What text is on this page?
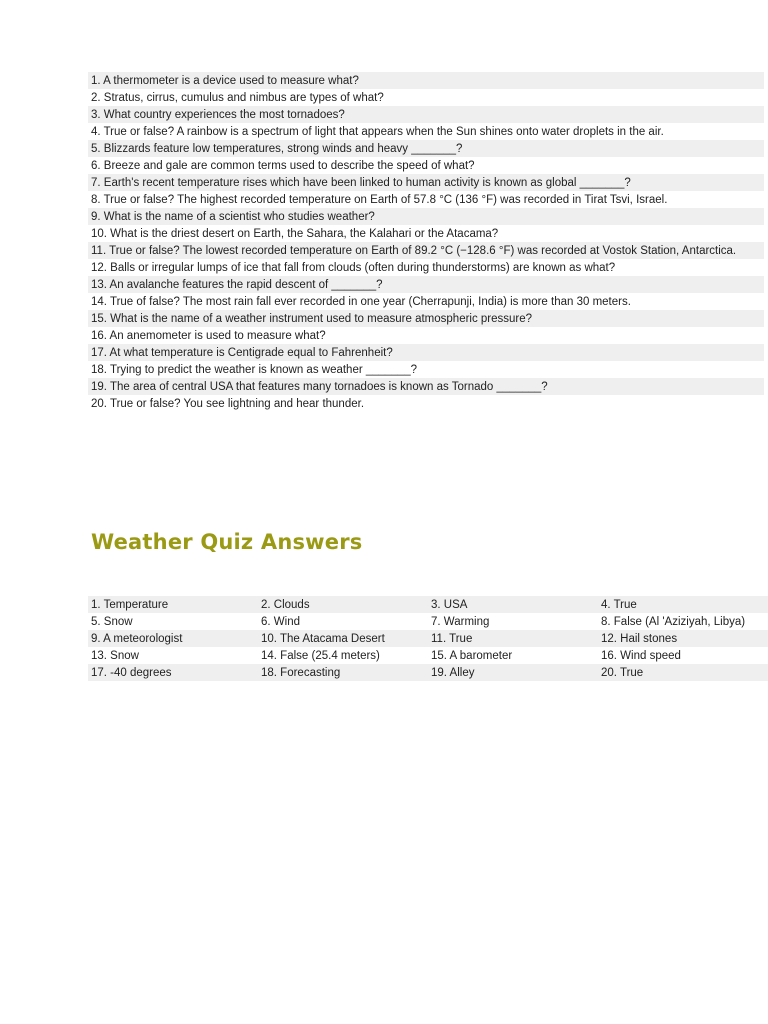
1. A thermometer is a device used to measure what?
2. Stratus, cirrus, cumulus and nimbus are types of what?
3. What country experiences the most tornadoes?
4. True or false? A rainbow is a spectrum of light that appears when the Sun shines onto water droplets in the air.
5. Blizzards feature low temperatures, strong winds and heavy _______?
6. Breeze and gale are common terms used to describe the speed of what?
7. Earth's recent temperature rises which have been linked to human activity is known as global _______?
8. True or false? The highest recorded temperature on Earth of 57.8 °C (136 °F) was recorded in Tirat Tsvi, Israel.
9. What is the name of a scientist who studies weather?
10. What is the driest desert on Earth, the Sahara, the Kalahari or the Atacama?
11. True or false? The lowest recorded temperature on Earth of 89.2 °C (−128.6 °F) was recorded at Vostok Station, Antarctica.
12. Balls or irregular lumps of ice that fall from clouds (often during thunderstorms) are known as what?
13. An avalanche features the rapid descent of _______?
14. True of false? The most rain fall ever recorded in one year (Cherrapunji, India) is more than 30 meters.
15. What is the name of a weather instrument used to measure atmospheric pressure?
16. An anemometer is used to measure what?
17. At what temperature is Centigrade equal to Fahrenheit?
18. Trying to predict the weather is known as weather _______?
19. The area of central USA that features many tornadoes is known as Tornado _______?
20. True or false? You see lightning and hear thunder.
Weather Quiz Answers
1. Temperature	2. Clouds	3. USA	4. True
5. Snow	6. Wind	7. Warming	8. False (Al 'Aziziyah, Libya)
9. A meteorologist	10. The Atacama Desert	11. True	12. Hail stones
13. Snow	14. False (25.4 meters)	15. A barometer	16. Wind speed
17. -40 degrees	18. Forecasting	19. Alley	20. True
